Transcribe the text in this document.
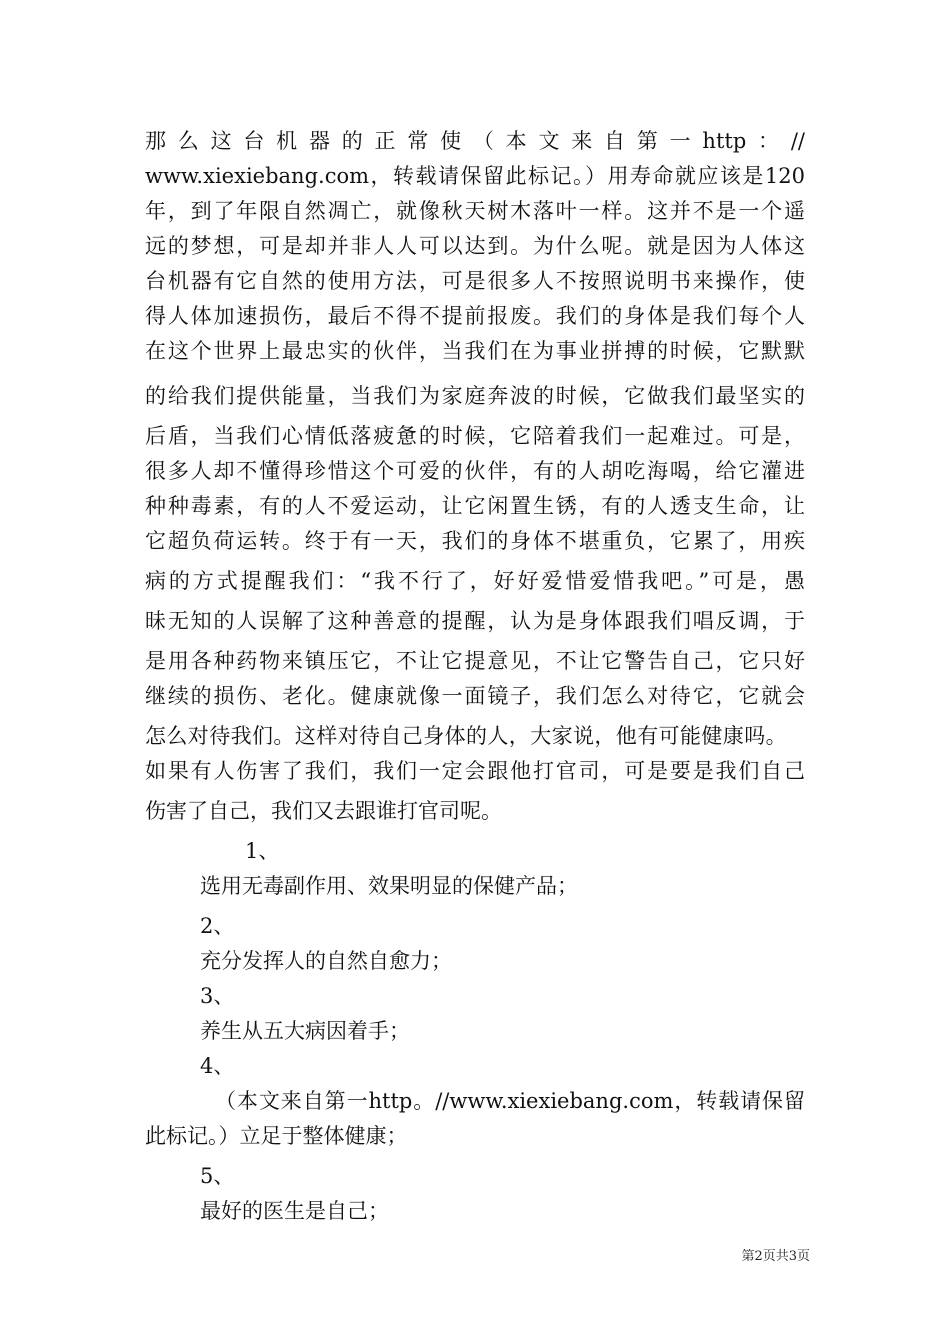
那么这台机器的正常使（本文来自第一http：//
www.xiexiebang.com，转载请保留此标记。）用寿命就应该是120
年，到了年限自然凋亡，就像秋天树木落叶一样。这并不是一个遥
远的梦想，可是却并非人人可以达到。为什么呢。就是因为人体这
台机器有它自然的使用方法，可是很多人不按照说明书来操作，使
得人体加速损伤，最后不得不提前报废。我们的身体是我们每个人
在这个世界上最忠实的伙伴，当我们在为事业拼搏的时候，它默默
的给我们提供能量，当我们为家庭奔波的时候，它做我们最坚实的
后盾，当我们心情低落疲惫的时候，它陪着我们一起难过。可是，
很多人却不懂得珍惜这个可爱的伙伴，有的人胡吃海喝，给它灌进
种种毒素，有的人不爱运动，让它闲置生锈，有的人透支生命，让
它超负荷运转。终于有一天，我们的身体不堪重负，它累了，用疾
病的方式提醒我们：“我不行了，好好爱惜爱惜我吧。”可是，愚
昧无知的人误解了这种善意的提醒，认为是身体跟我们唱反调，于
是用各种药物来镇压它，不让它提意见，不让它警告自己，它只好
继续的损伤、老化。健康就像一面镜子，我们怎么对待它，它就会
怎么对待我们。这样对待自己身体的人，大家说，他有可能健康吗。
如果有人伤害了我们，我们一定会跟他打官司，可是要是我们自己
伤害了自己，我们又去跟谁打官司呢。
1、
选用无毒副作用、效果明显的保健产品；
2、
充分发挥人的自然自愈力；
3、
养生从五大病因着手；
4、
（本文来自第一http。//www.xiexiebang.com，转载请保留
此标记。）立足于整体健康；
5、
最好的医生是自己；
第2页共3页
